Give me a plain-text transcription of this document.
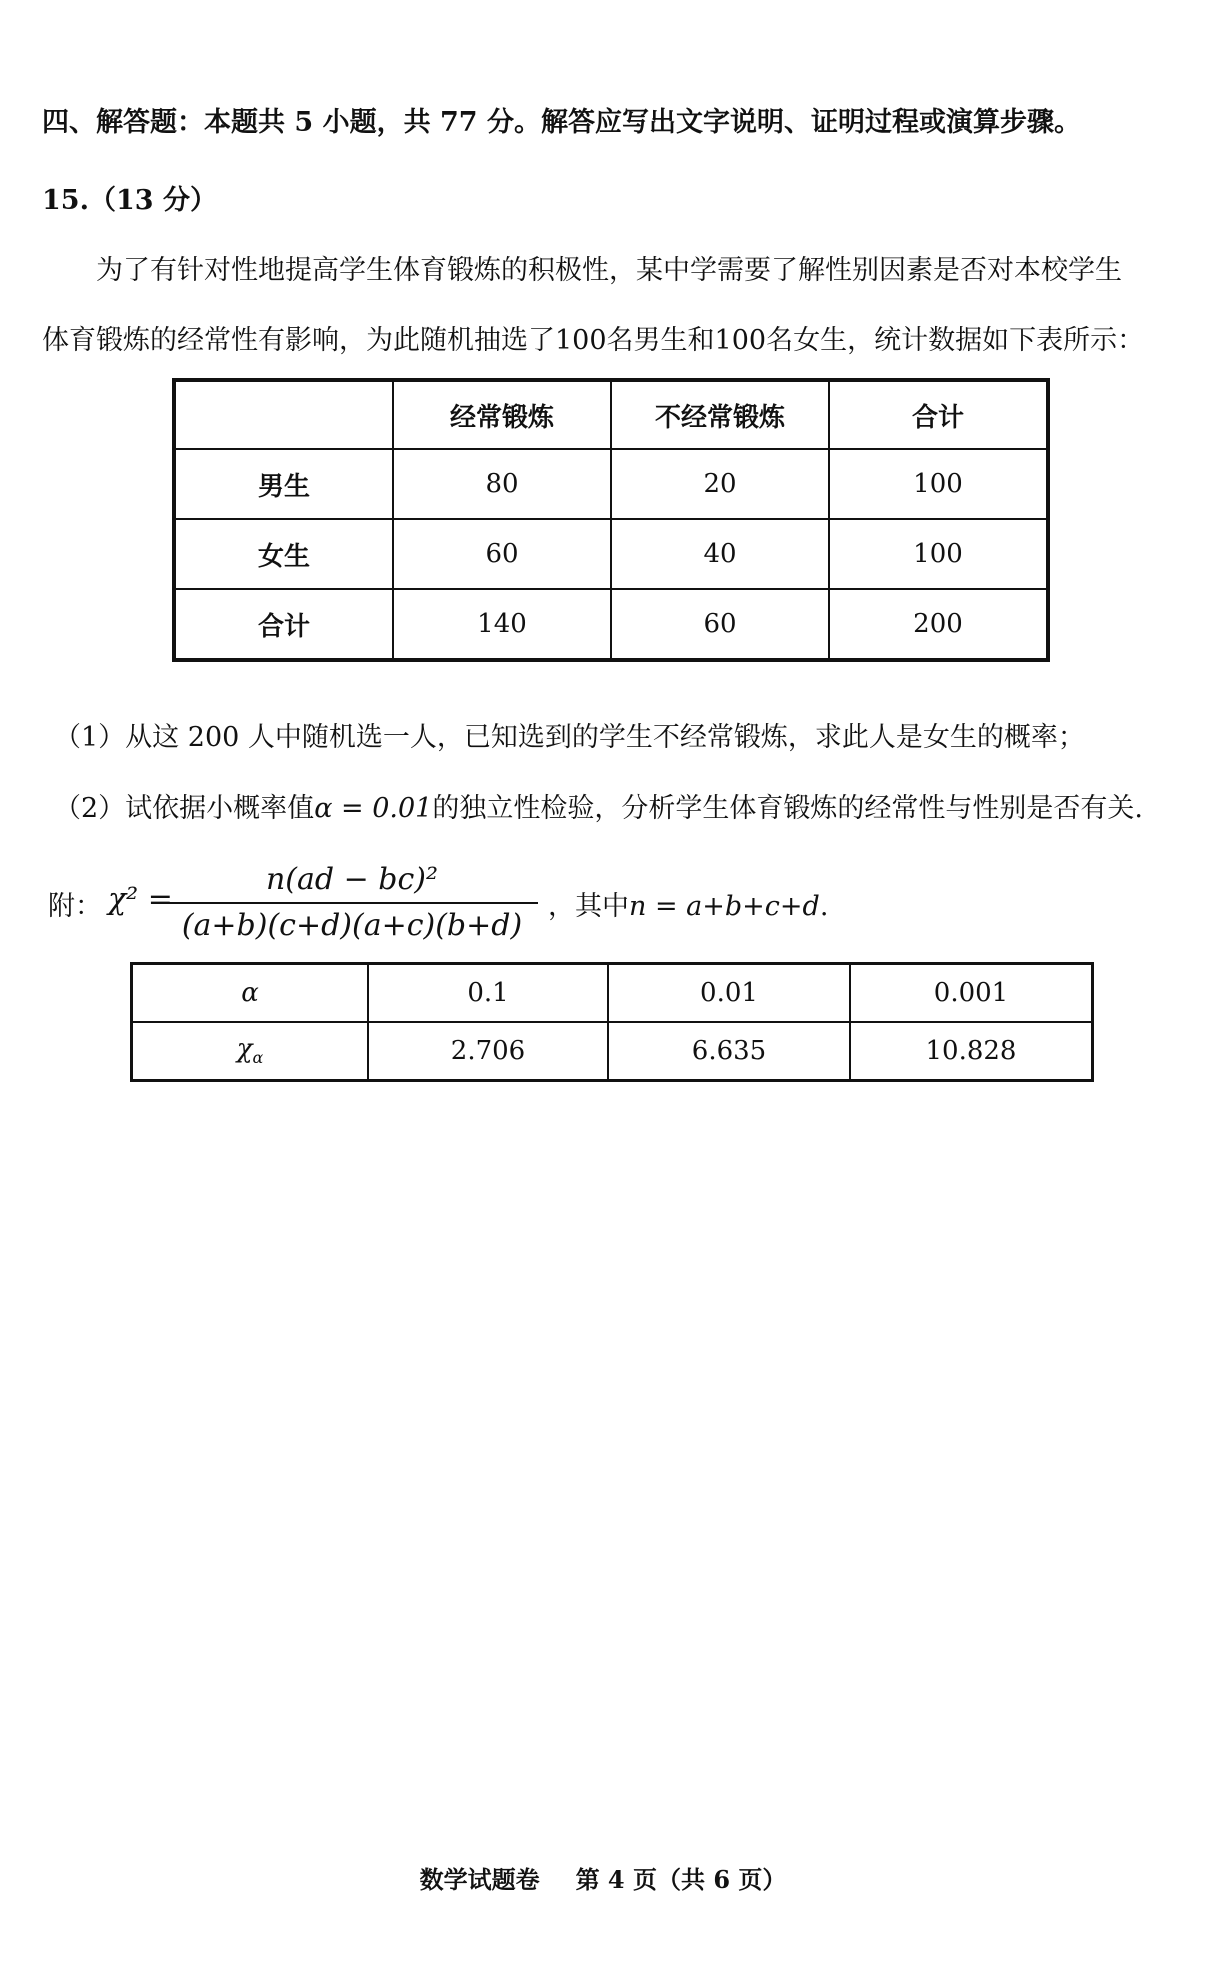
四、解答题：本题共 5 小题，共 77 分。解答应写出文字说明、证明过程或演算步骤。
15.（13 分）
为了有针对性地提高学生体育锻炼的积极性，某中学需要了解性别因素是否对本校学生
体育锻炼的经常性有影响，为此随机抽选了100名男生和100名女生，统计数据如下表所示：
	经常锻炼	不经常锻炼	合计
男生	80	20	100
女生	60	40	100
合计	140	60	200
（1）从这 200 人中随机选一人，已知选到的学生不经常锻炼，求此人是女生的概率；
（2）试依据小概率值α = 0.01的独立性检验，分析学生体育锻炼的经常性与性别是否有关.
附： χ² =
n(ad − bc)²
(a+b)(c+d)(a+c)(b+d)
，其中n = a+b+c+d.
α	0.1	0.01	0.001
$\chi_\alpha$	2.706	6.635	10.828
数学试题卷 第 4 页（共 6 页）
